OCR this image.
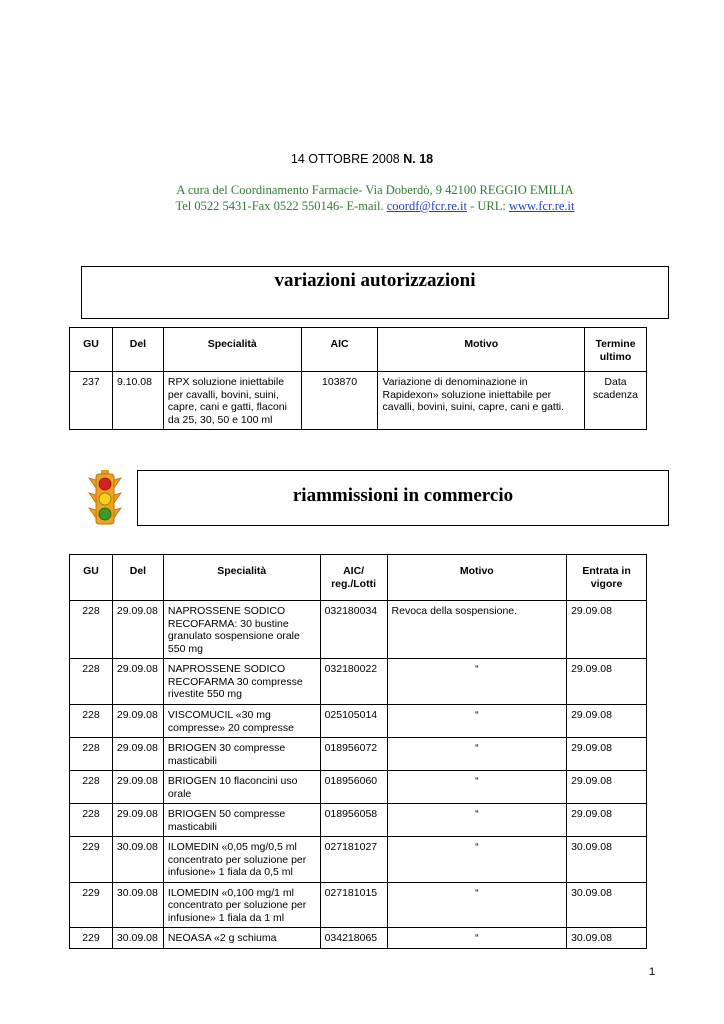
14 OTTOBRE 2008 N. 18
A cura del Coordinamento Farmacie- Via Doberdò, 9 42100 REGGIO EMILIA
Tel 0522 5431-Fax 0522 550146- E-mail. coordf@fcr.re.it - URL: www.fcr.re.it
variazioni autorizzazioni
GU	Del	Specialità	AIC	Motivo	Termine ultimo
237	9.10.08	RPX soluzione iniettabile per cavalli, bovini, suini, capre, cani e gatti, flaconi da 25, 30, 50 e 100 ml	103870	Variazione di denominazione in Rapidexon» soluzione iniettabile per cavalli, bovini, suini, capre, cani e gatti.	Data scadenza
riammissioni in commercio
GU	Del	Specialità	AIC/ reg./Lotti	Motivo	Entrata in vigore
228	29.09.08	NAPROSSENE SODICO RECOFARMA: 30 bustine granulato sospensione orale 550 mg	032180034	Revoca della sospensione.	29.09.08
228	29.09.08	NAPROSSENE SODICO RECOFARMA 30 compresse rivestite 550 mg	032180022	“	29.09.08
228	29.09.08	VISCOMUCIL «30 mg compresse» 20 compresse	025105014	“	29.09.08
228	29.09.08	BRIOGEN 30 compresse masticabili	018956072	“	29.09.08
228	29.09.08	BRIOGEN 10 flaconcini uso orale	018956060	“	29.09.08
228	29.09.08	BRIOGEN 50 compresse masticabili	018956058	“	29.09.08
229	30.09.08	ILOMEDIN «0,05 mg/0,5 ml concentrato per soluzione per infusione» 1 fiala da 0,5 ml	027181027	“	30.09.08
229	30.09.08	ILOMEDIN «0,100 mg/1 ml concentrato per soluzione per infusione» 1 fiala da 1 ml	027181015	“	30.09.08
229	30.09.08	NEOASA «2 g schiuma	034218065	“	30.09.08
1
